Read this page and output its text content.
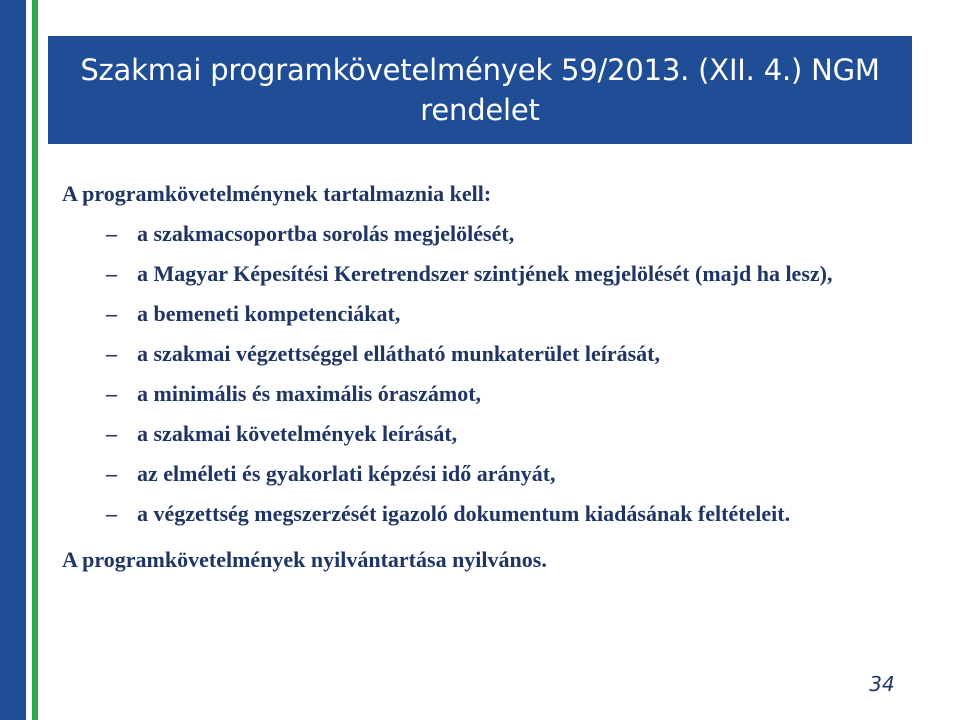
Szakmai programkövetelmények 59/2013. (XII. 4.) NGM rendelet
A programkövetelménynek tartalmaznia kell:
– a szakmacsoportba sorolás megjelölését,
– a Magyar Képesítési Keretrendszer szintjének megjelölését (majd ha lesz),
– a bemeneti kompetenciákat,
– a szakmai végzettséggel ellátható munkaterület leírását,
– a minimális és maximális óraszámot,
– a szakmai követelmények leírását,
– az elméleti és gyakorlati képzési idő arányát,
– a végzettség megszerzését igazoló dokumentum kiadásának feltételeit.
A programkövetelmények nyilvántartása nyilvános.
34
